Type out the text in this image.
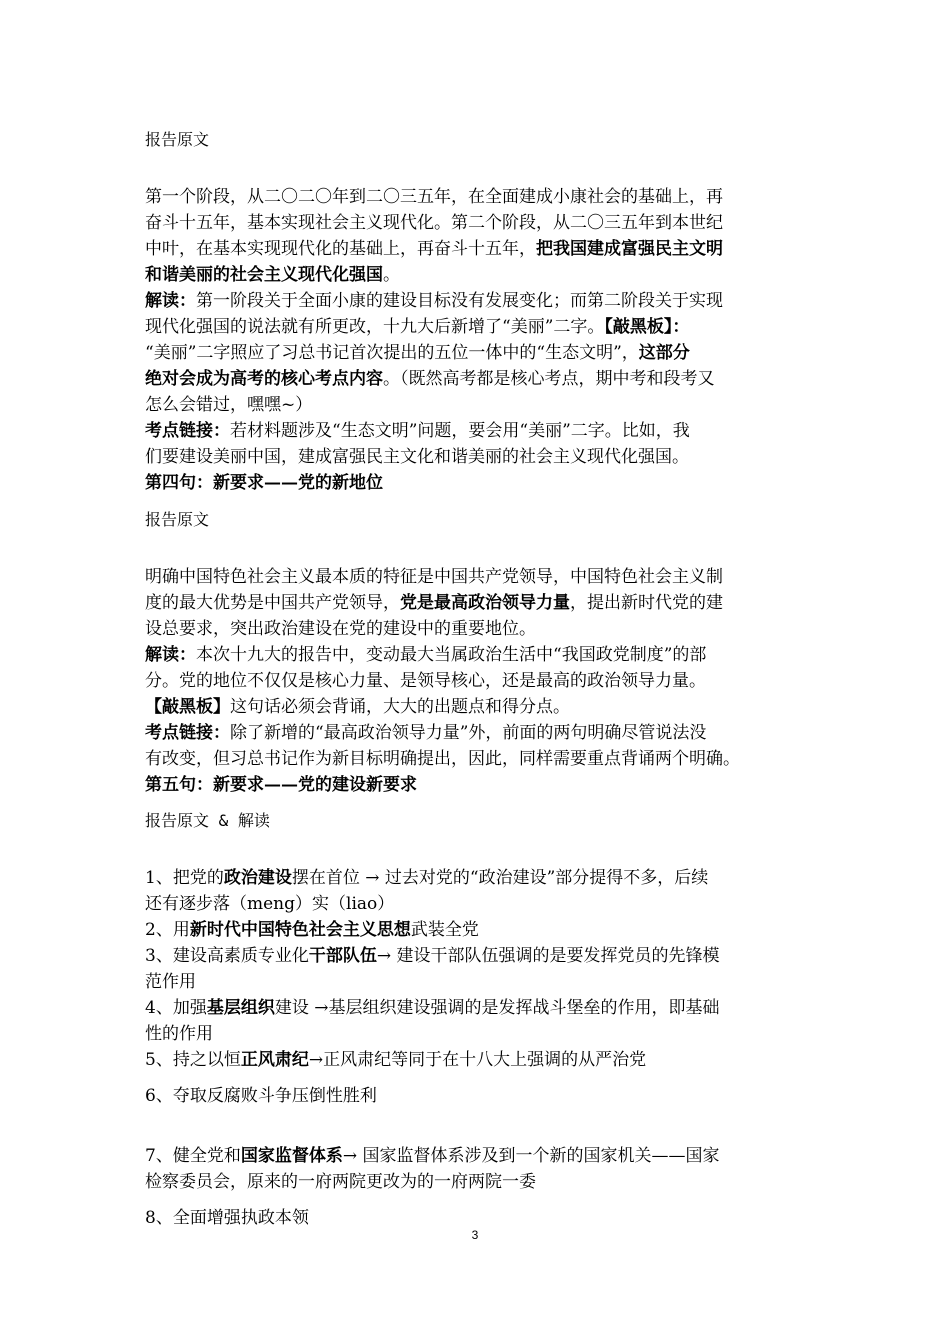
报告原文
第一个阶段，从二〇二〇年到二〇三五年，在全面建成小康社会的基础上，再
奋斗十五年，基本实现社会主义现代化。第二个阶段，从二〇三五年到本世纪
中叶，在基本实现现代化的基础上，再奋斗十五年，把我国建成富强民主文明
和谐美丽的社会主义现代化强国。
解读：第一阶段关于全面小康的建设目标没有发展变化；而第二阶段关于实现
现代化强国的说法就有所更改，十九大后新增了“美丽”二字。【敲黑板】：
“美丽”二字照应了习总书记首次提出的五位一体中的“生态文明”，这部分
绝对会成为高考的核心考点内容。（既然高考都是核心考点，期中考和段考又
怎么会错过，嘿嘿~）
考点链接：若材料题涉及“生态文明”问题，要会用“美丽”二字。比如，我
们要建设美丽中国，建成富强民主文化和谐美丽的社会主义现代化强国。
第四句：新要求——党的新地位
报告原文
明确中国特色社会主义最本质的特征是中国共产党领导，中国特色社会主义制
度的最大优势是中国共产党领导，党是最高政治领导力量，提出新时代党的建
设总要求，突出政治建设在党的建设中的重要地位。
解读：本次十九大的报告中，变动最大当属政治生活中“我国政党制度”的部
分。党的地位不仅仅是核心力量、是领导核心，还是最高的政治领导力量。
【敲黑板】这句话必须会背诵，大大的出题点和得分点。
考点链接：除了新增的“最高政治领导力量”外，前面的两句明确尽管说法没
有改变，但习总书记作为新目标明确提出，因此，同样需要重点背诵两个明确。
第五句：新要求——党的建设新要求
报告原文 & 解读
1、把党的政治建设摆在首位 → 过去对党的“政治建设”部分提得不多，后续
还有逐步落（meng）实（liao）
2、用新时代中国特色社会主义思想武装全党
3、建设高素质专业化干部队伍→ 建设干部队伍强调的是要发挥党员的先锋模
范作用
4、加强基层组织建设 →基层组织建设强调的是发挥战斗堡垒的作用，即基础
性的作用
5、持之以恒正风肃纪→正风肃纪等同于在十八大上强调的从严治党
6、夺取反腐败斗争压倒性胜利
7、健全党和国家监督体系→ 国家监督体系涉及到一个新的国家机关——国家
检察委员会，原来的一府两院更改为的一府两院一委
8、全面增强执政本领
3
